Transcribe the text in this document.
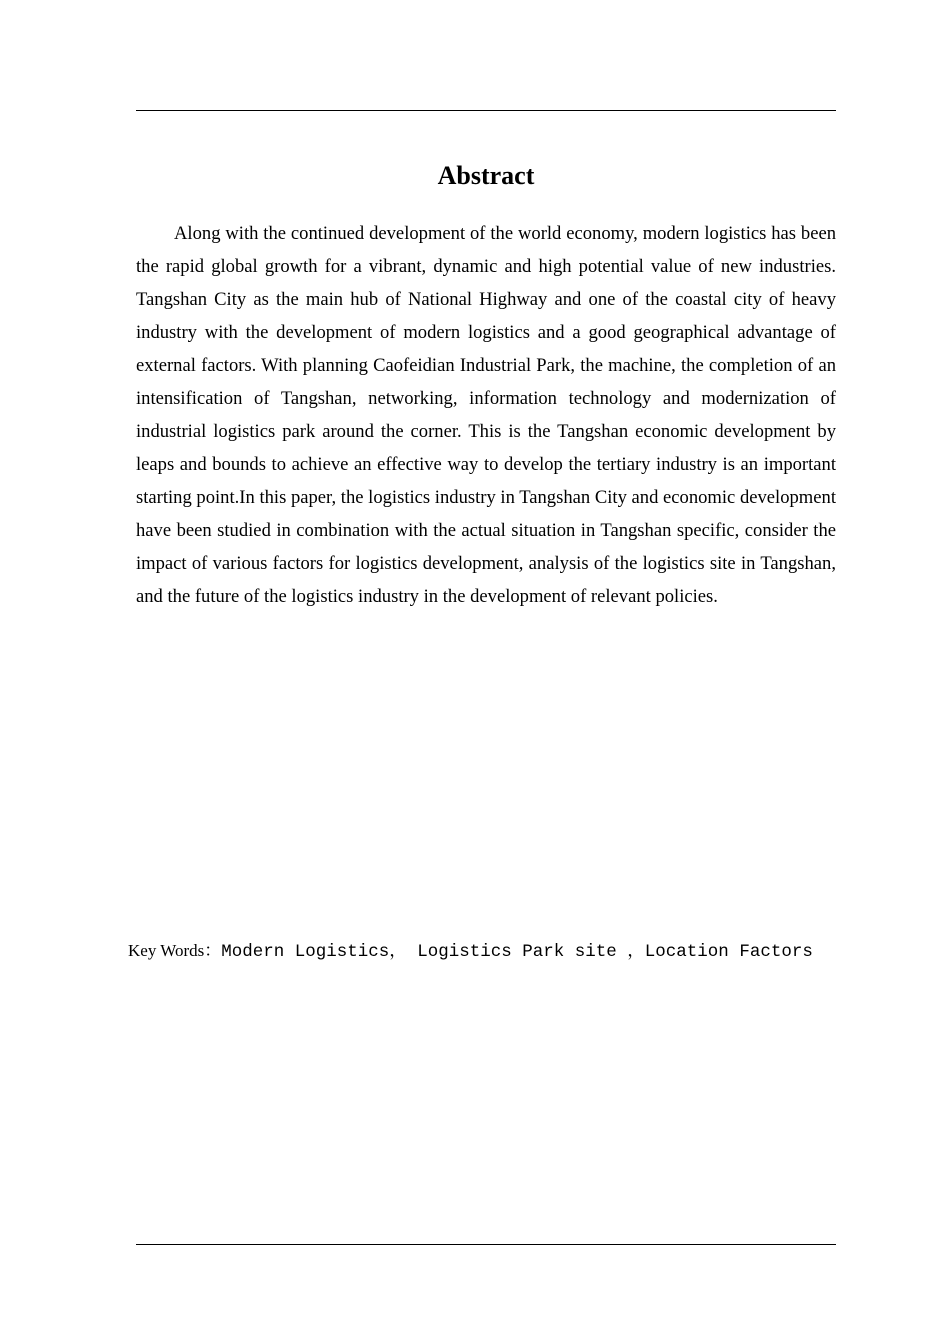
Abstract

Along with the continued development of the world economy, modern logistics has been the rapid global growth for a vibrant, dynamic and high potential value of new industries. Tangshan City as the main hub of National Highway and one of the coastal city of heavy industry with the development of modern logistics and a good geographical advantage of external factors. With planning Caofeidian Industrial Park, the machine, the completion of an intensification of Tangshan, networking, information technology and modernization of industrial logistics park around the corner. This is the Tangshan economic development by leaps and bounds to achieve an effective way to develop the tertiary industry is an important starting point.In this paper, the logistics industry in Tangshan City and economic development have been studied in combination with the actual situation in Tangshan specific, consider the impact of various factors for logistics development, analysis of the logistics site in Tangshan, and the future of the logistics industry in the development of relevant policies.

Key Words：Modern Logistics， Logistics Park site ，Location Factors
